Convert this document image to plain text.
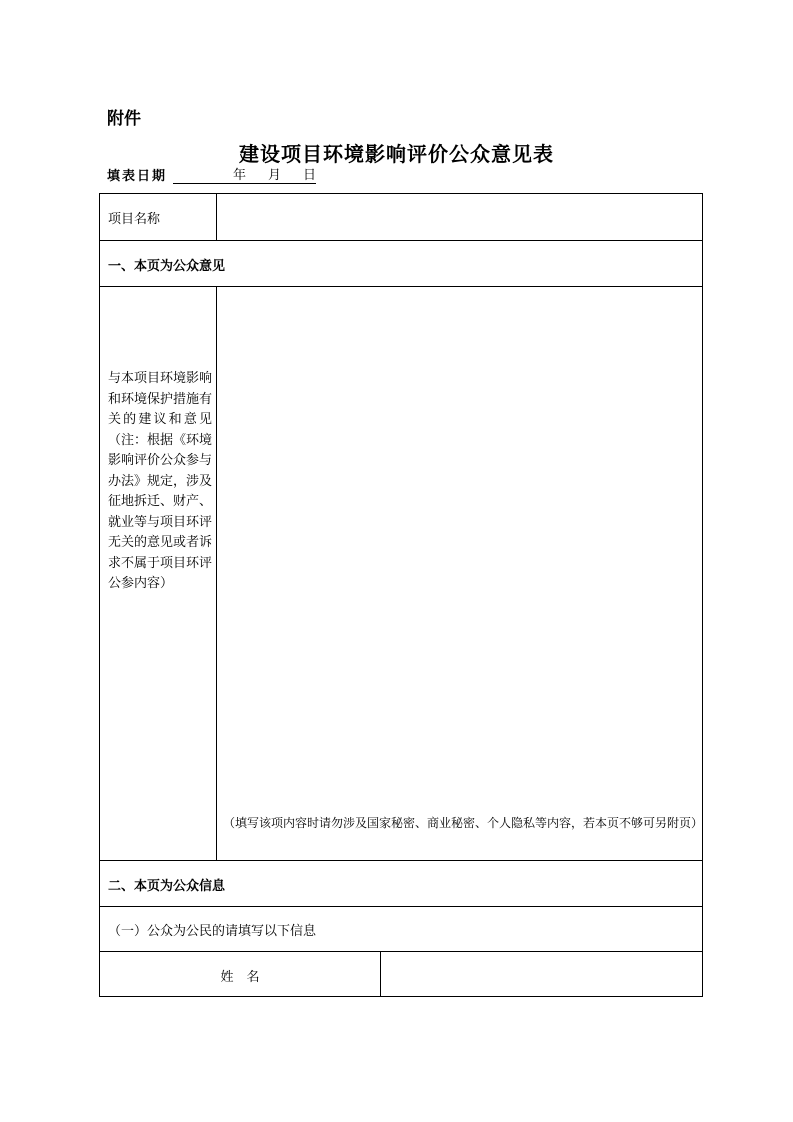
附件
建设项目环境影响评价公众意见表
填表日期	年 月 日
项目名称
一、本页为公众意见
与本项目环境影响和环境保护措施有关的建议和意见（注：根据《环境影响评价公众参与办法》规定，涉及征地拆迁、财产、就业等与项目环评无关的意见或者诉求不属于项目环评公参内容）
（填写该项内容时请勿涉及国家秘密、商业秘密、个人隐私等内容，若本页不够可另附页）
二、本页为公众信息
（一）公众为公民的请填写以下信息
姓　名
